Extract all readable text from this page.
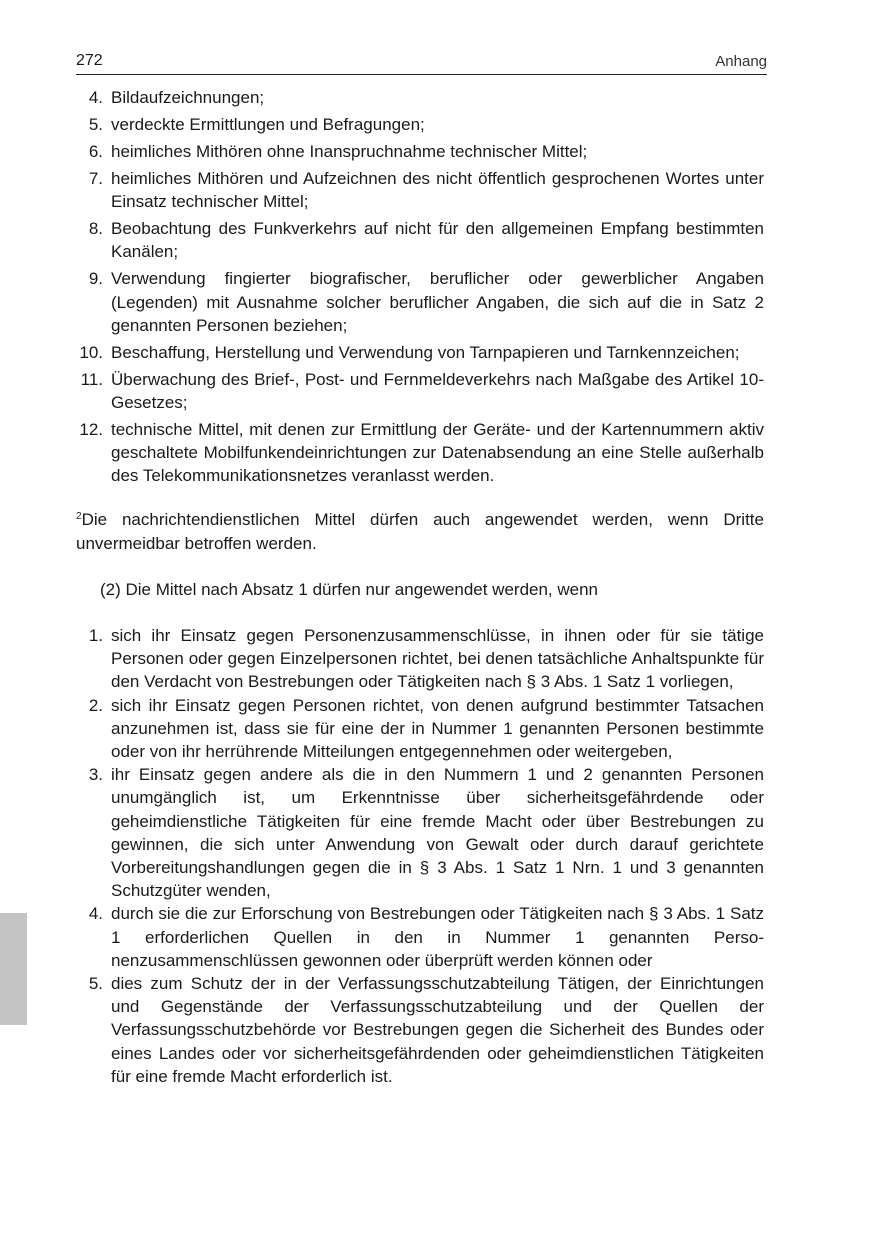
272	Anhang
4. Bildaufzeichnungen;
5. verdeckte Ermittlungen und Befragungen;
6. heimliches Mithören ohne Inanspruchnahme technischer Mittel;
7. heimliches Mithören und Aufzeichnen des nicht öffentlich gesprochenen Wortes unter Einsatz technischer Mittel;
8. Beobachtung des Funkverkehrs auf nicht für den allgemeinen Empfang bestimmten Kanälen;
9. Verwendung fingierter biografischer, beruflicher oder gewerblicher Angaben (Legenden) mit Ausnahme solcher beruflicher Angaben, die sich auf die in Satz 2 genannten Personen beziehen;
10. Beschaffung, Herstellung und Verwendung von Tarnpapieren und Tarnkennzeichen;
11. Überwachung des Brief-, Post- und Fernmeldeverkehrs nach Maßgabe des Artikel 10-Gesetzes;
12. technische Mittel, mit denen zur Ermittlung der Geräte- und der Kartennummern aktiv geschaltete Mobilfunkendeinrichtungen zur Datenabsendung an eine Stelle außerhalb des Telekommunikationsnetzes veranlasst werden.

$^2$Die nachrichtendienstlichen Mittel dürfen auch angewendet werden, wenn Dritte unvermeidbar betroffen werden.

(2) Die Mittel nach Absatz 1 dürfen nur angewendet werden, wenn

1. sich ihr Einsatz gegen Personenzusammenschlüsse, in ihnen oder für sie tätige Personen oder gegen Einzelpersonen richtet, bei denen tatsächliche Anhaltspunkte für den Verdacht von Bestrebungen oder Tätigkeiten nach § 3 Abs. 1 Satz 1 vorliegen,
2. sich ihr Einsatz gegen Personen richtet, von denen aufgrund bestimmter Tatsachen anzunehmen ist, dass sie für eine der in Nummer 1 genannten Personen bestimmte oder von ihr herrührende Mitteilungen entgegennehmen oder weitergeben,
3. ihr Einsatz gegen andere als die in den Nummern 1 und 2 genannten Personen unumgänglich ist, um Erkenntnisse über sicherheitsgefährdende oder geheimdienstliche Tätigkeiten für eine fremde Macht oder über Bestrebungen zu gewinnen, die sich unter Anwendung von Gewalt oder durch darauf gerichtete Vorbereitungshandlungen gegen die in § 3 Abs. 1 Satz 1 Nrn. 1 und 3 genannten Schutzgüter wenden,
4. durch sie die zur Erforschung von Bestrebungen oder Tätigkeiten nach § 3 Abs. 1 Satz 1 erforderlichen Quellen in den in Nummer 1 genannten Personenzusammenschlüssen gewonnen oder überprüft werden können oder
5. dies zum Schutz der in der Verfassungsschutzabteilung Tätigen, der Einrichtungen und Gegenstände der Verfassungsschutzabteilung und der Quellen der Verfassungsschutzbehörde vor Bestrebungen gegen die Sicherheit des Bundes oder eines Landes oder vor sicherheitsgefährdenden oder geheimdienstlichen Tätigkeiten für eine fremde Macht erforderlich ist.
